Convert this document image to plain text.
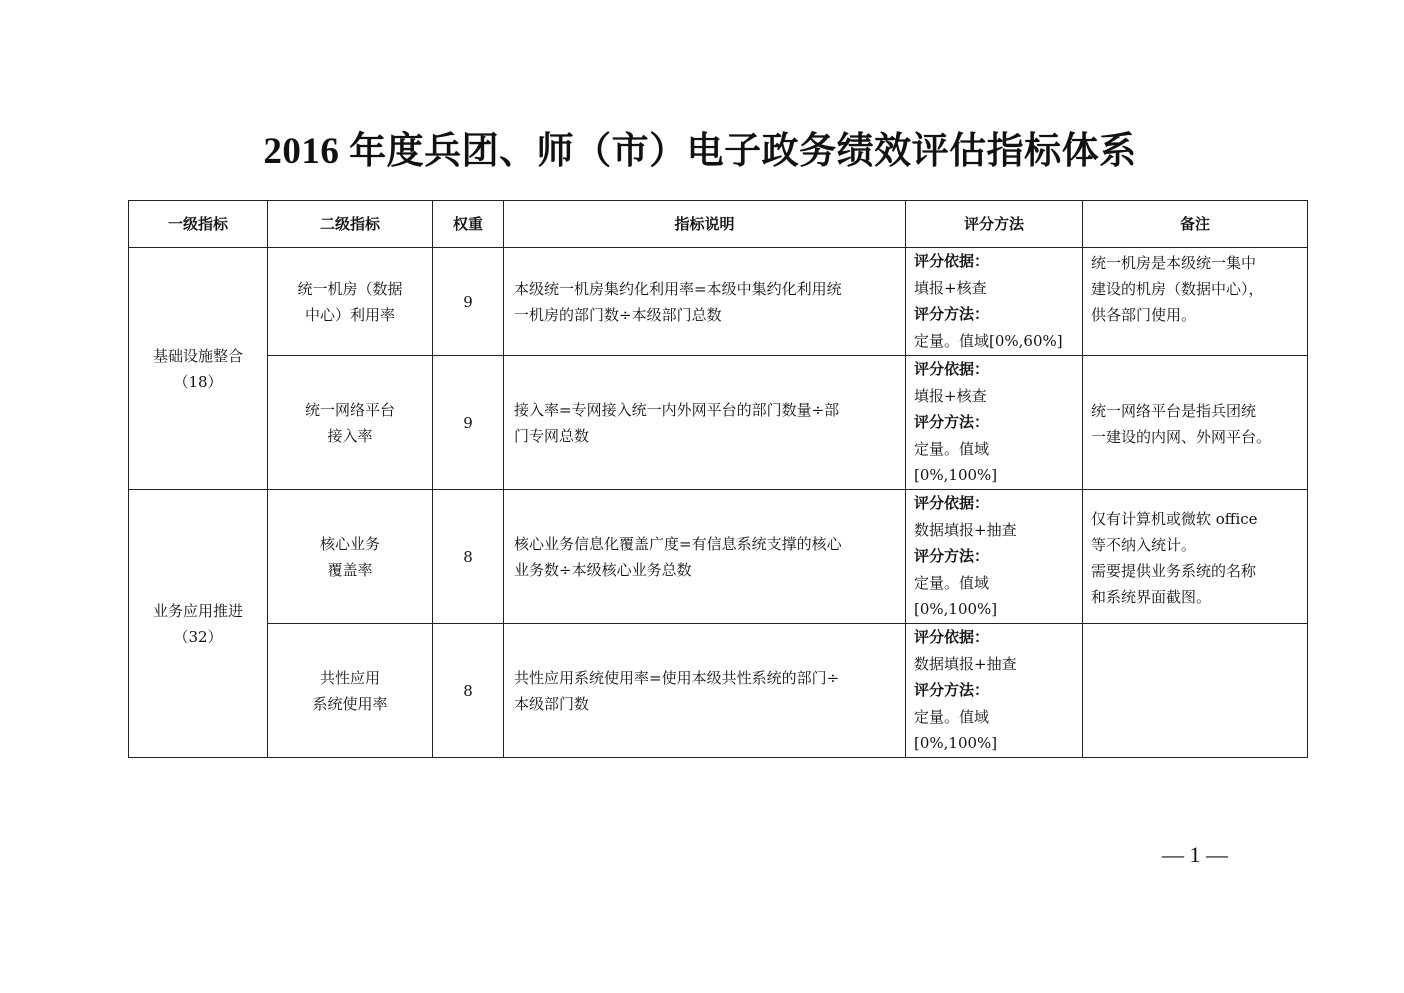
2016 年度兵团、师（市）电子政务绩效评估指标体系
一级指标	二级指标	权重	指标说明	评分方法	备注

基础设施整合
（18）	统一机房（数据
中心）利用率	9	本级统一机房集约化利用率=本级中集约化利用统
一机房的部门数÷本级部门总数	评分依据：
填报+核查
评分方法：
定量。值域[0%,60%]	统一机房是本级统一集中
建设的机房（数据中心），
供各部门使用。

	统一网络平台
接入率	9	接入率=专网接入统一内外网平台的部门数量÷部
门专网总数	评分依据：
填报+核查
评分方法：
定量。值域
[0%,100%]	统一网络平台是指兵团统
一建设的内网、外网平台。

业务应用推进
（32）	核心业务
覆盖率	8	核心业务信息化覆盖广度=有信息系统支撑的核心
业务数÷本级核心业务总数	评分依据：
数据填报+抽查
评分方法：
定量。值域
[0%,100%]	仅有计算机或微软 office
等不纳入统计。
需要提供业务系统的名称
和系统界面截图。

	共性应用
系统使用率	8	共性应用系统使用率=使用本级共性系统的部门÷
本级部门数	评分依据：
数据填报+抽查
评分方法：
定量。值域
[0%,100%]	

— 1 —
